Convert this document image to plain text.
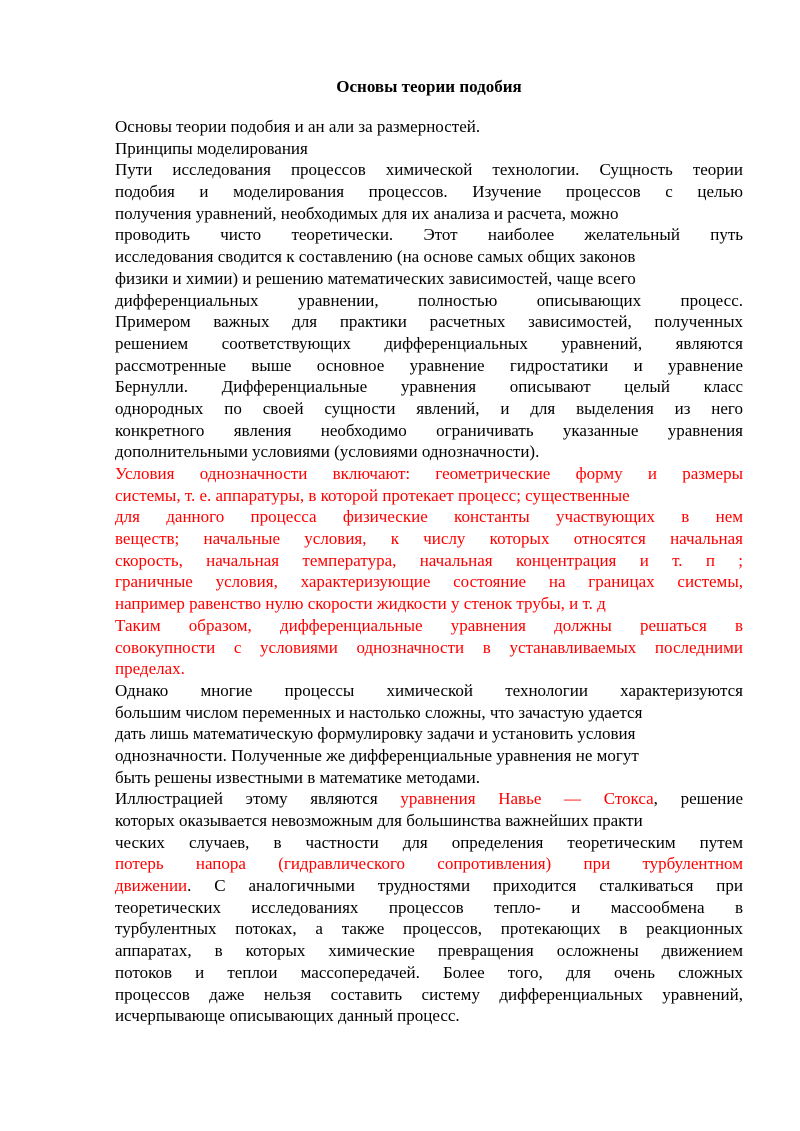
Основы теории подобия
Основы теории подобия и ан али за размерностей.
Принципы моделирования
Пути исследования процессов химической технологии. Сущность теории
подобия и моделирования процессов. Изучение процессов с целью
получения уравнений, необходимых для их анализа и расчета, можно
проводить чисто теоретически. Этот наиболее желательный путь
исследования сводится к составлению (на основе самых общих законов
физики и химии) и решению математических зависимостей, чаще всего
дифференциальных уравнении, полностью описывающих процесс.
Примером важных для практики расчетных зависимостей, полученных
решением соответствующих дифференциальных уравнений, являются
рассмотренные выше основное уравнение гидростатики и уравнение
Бернулли. Дифференциальные уравнения описывают целый класс
однородных по своей сущности явлений, и для выделения из него
конкретного явления необходимо ограничивать указанные уравнения
дополнительными условиями (условиями однозначности).
Условия однозначности включают: геометрические форму и размеры
системы, т. е. аппаратуры, в которой протекает процесс; существенные
для данного процесса физические константы участвующих в нем
веществ; начальные условия, к числу которых относятся начальная
скорость, начальная температура, начальная концентрация и т. п ;
граничные условия, характеризующие состояние на границах системы,
например равенство нулю скорости жидкости у стенок трубы, и т. д
Таким образом, дифференциальные уравнения должны решаться в
совокупности с условиями однозначности в устанавливаемых последними
пределах.
Однако многие процессы химической технологии характеризуются
большим числом переменных и настолько сложны, что зачастую удается
дать лишь математическую формулировку задачи и установить условия
однозначности. Полученные же дифференциальные уравнения не могут
быть решены известными в математике методами.
Иллюстрацией этому являются уравнения Навье — Стокса, решение
которых оказывается невозможным для большинства важнейших практи
ческих случаев, в частности для определения теоретическим путем
потерь напора (гидравлического сопротивления) при турбулентном
движении. С аналогичными трудностями приходится сталкиваться при
теоретических исследованиях процессов тепло- и массообмена в
турбулентных потоках, а также процессов, протекающих в реакционных
аппаратах, в которых химические превращения осложнены движением
потоков и теплои массопередачей. Более того, для очень сложных
процессов даже нельзя составить систему дифференциальных уравнений,
исчерпывающе описывающих данный процесс.
